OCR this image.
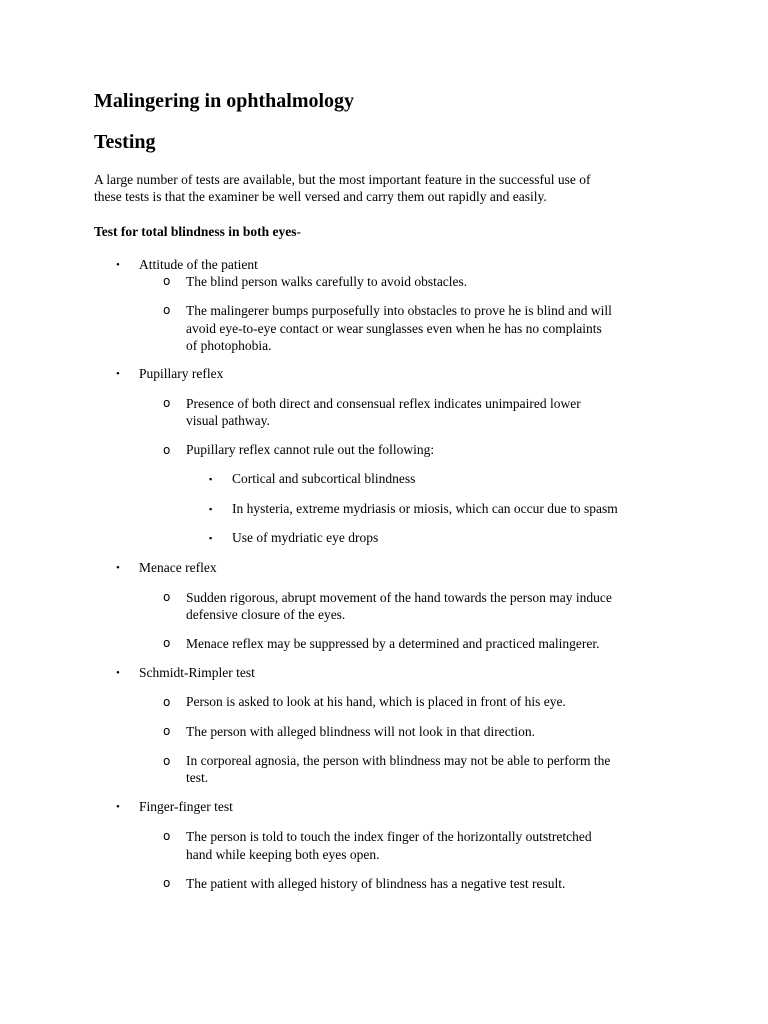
Malingering in ophthalmology
Testing
A large number of tests are available, but the most important feature in the successful use of
these tests is that the examiner be well versed and carry them out rapidly and easily.
Test for total blindness in both eyes-
• Attitude of the patient
o The blind person walks carefully to avoid obstacles.
o The malingerer bumps purposefully into obstacles to prove he is blind and will
avoid eye-to-eye contact or wear sunglasses even when he has no complaints
of photophobia.
• Pupillary reflex
o Presence of both direct and consensual reflex indicates unimpaired lower
visual pathway.
o Pupillary reflex cannot rule out the following:
▪ Cortical and subcortical blindness
▪ In hysteria, extreme mydriasis or miosis, which can occur due to spasm
▪ Use of mydriatic eye drops
• Menace reflex
o Sudden rigorous, abrupt movement of the hand towards the person may induce
defensive closure of the eyes.
o Menace reflex may be suppressed by a determined and practiced malingerer.
• Schmidt-Rimpler test
o Person is asked to look at his hand, which is placed in front of his eye.
o The person with alleged blindness will not look in that direction.
o In corporeal agnosia, the person with blindness may not be able to perform the
test.
• Finger-finger test
o The person is told to touch the index finger of the horizontally outstretched
hand while keeping both eyes open.
o The patient with alleged history of blindness has a negative test result.
